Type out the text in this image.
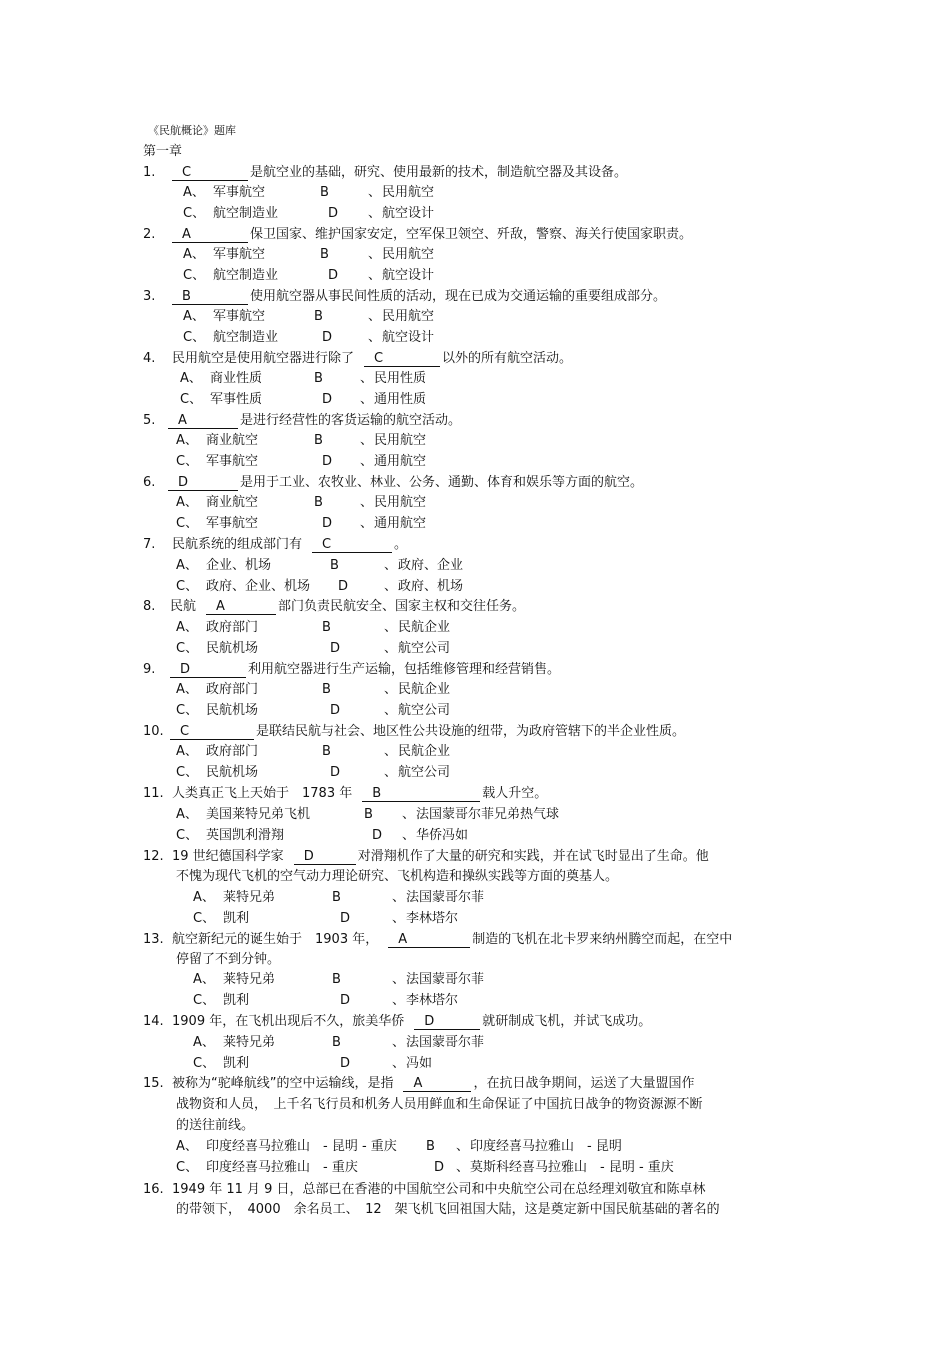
《民航概论》题库
第一章
1. C	是航空业的基础，研究、使用最新的技术，制造航空器及其设备。
A、 军事航空	B	、 民用航空
C、 航空制造业	D 、 航空设计
2. A	保卫国家、维护国家安定，空军保卫领空、歼敌，警察、海关行使国家职责。
A、 军事航空	B	、 民用航空
C、 航空制造业	D 、 航空设计
3. B	使用航空器从事民间性质的活动，现在已成为交通运输的重要组成部分。
A、 军事航空	B	、 民用航空
C、 航空制造业	D	、 航空设计
4. 民用航空是使用航空器进行除了 C	以外的所有航空活动。
A、 商业性质	B	、 民用性质
C、 军事性质	D 、 通用性质
5. A	是进行经营性的客货运输的航空活动。
A、 商业航空	B	、 民用航空
C、 军事航空	D 、 通用航空
6. D	是用于工业、农牧业、林业、公务、通勤、体育和娱乐等方面的航空。
A、 商业航空	B	、 民用航空
C、 军事航空	D 、 通用航空
7. 民航系统的组成部门有 C	。
A、 企业、机场	B	、 政府、企业
C、 政府、企业、机场 D	、 政府、机场
8. 民航 A	部门负责民航安全、国家主权和交往任务。
A、 政府部门	B	、 民航企业
C、 民航机场	D	、 航空公司
9. D	利用航空器进行生产运输，包括维修管理和经营销售。
A、 政府部门	B	、 民航企业
C、 民航机场	D	、 航空公司
10. C	是联结民航与社会、地区性公共设施的纽带，为政府管辖下的半企业性质。
A、 政府部门	B	、 民航企业
C、 民航机场	D	、 航空公司
11. 人类真正飞上天始于　1783 年 B	载人升空。
A、 美国莱特兄弟飞机	B 、 法国蒙哥尔菲兄弟热气球
C、 英国凯利滑翔	D 、 华侨冯如
12. 19 世纪德国科学家 D	对滑翔机作了大量的研究和实践，并在试飞时显出了生命。他
不愧为现代飞机的空气动力理论研究、飞机构造和操纵实践等方面的奠基人。
A、 莱特兄弟	B	、 法国蒙哥尔菲
C、 凯利	D	、 李林塔尔
13. 航空新纪元的诞生始于　1903 年， A	制造的飞机在北卡罗来纳州腾空而起，在空中
停留了不到分钟。
A、 莱特兄弟	B	、 法国蒙哥尔菲
C、 凯利	D	、 李林塔尔
14. 1909 年，在飞机出现后不久，旅美华侨 D	就研制成飞机，并试飞成功。
A、 莱特兄弟	B	、 法国蒙哥尔菲
C、 凯利	D	、 冯如
15. 被称为“驼峰航线”的空中运输线，是指 A	，在抗日战争期间，运送了大量盟国作
战物资和人员，　上千名飞行员和机务人员用鲜血和生命保证了中国抗日战争的物资源源不断
的送往前线。
A、 印度经喜马拉雅山　- 昆明 - 重庆 B 、 印度经喜马拉雅山　- 昆明
C、 印度经喜马拉雅山　- 重庆	D 、 莫斯科经喜马拉雅山　- 昆明 - 重庆
16. 1949 年 11 月 9 日，总部已在香港的中国航空公司和中央航空公司在总经理刘敬宜和陈卓林
的带领下，　4000　余名员工、　12　架飞机飞回祖国大陆，这是奠定新中国民航基础的著名的
